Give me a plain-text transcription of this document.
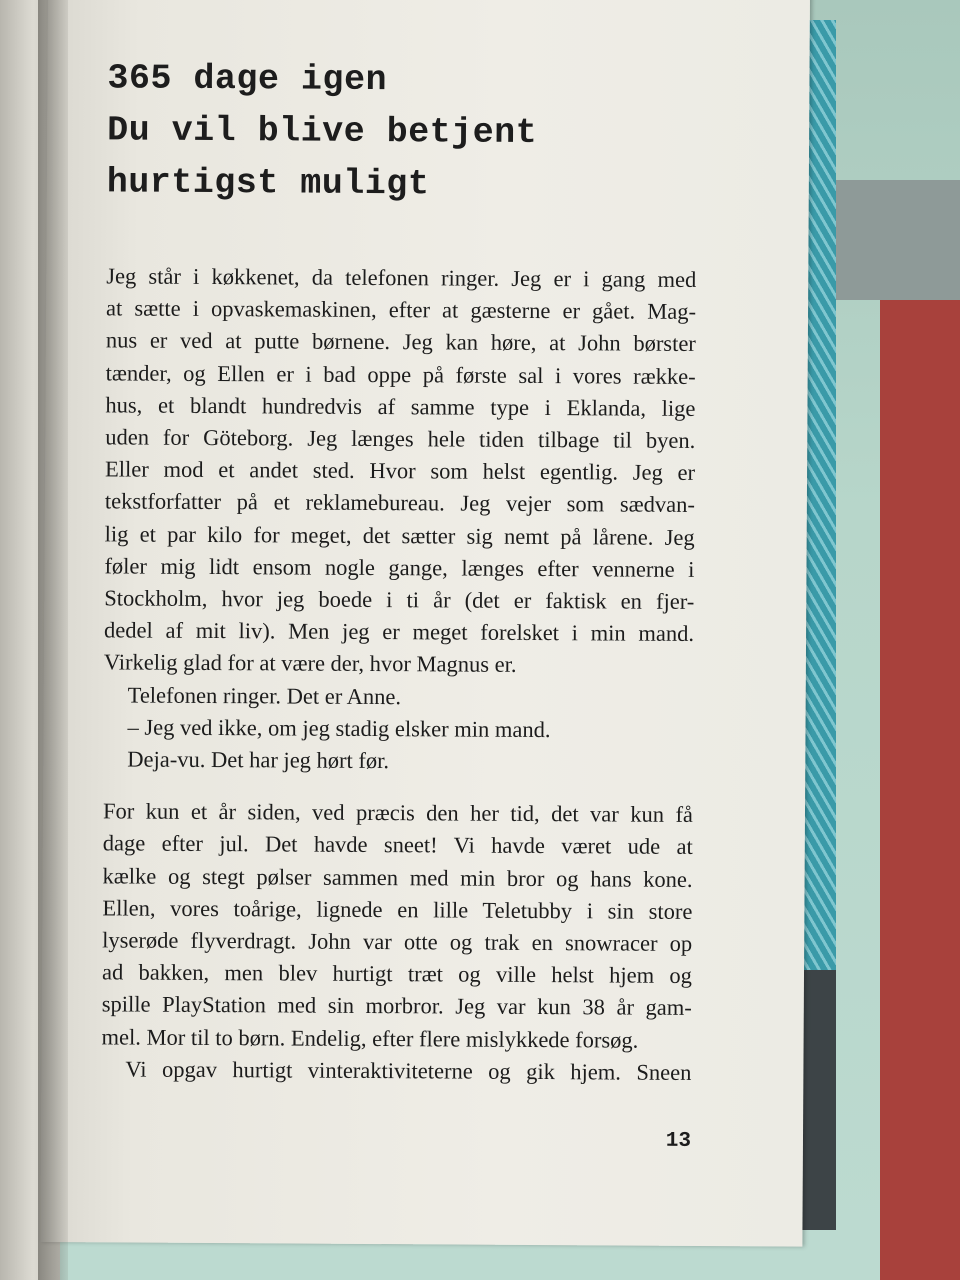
365 dage igen
Du vil blive betjent
hurtigst muligt
Jeg står i køkkenet, da telefonen ringer. Jeg er i gang med
at sætte i opvaskemaskinen, efter at gæsterne er gået. Mag-
nus er ved at putte børnene. Jeg kan høre, at John børster
tænder, og Ellen er i bad oppe på første sal i vores række-
hus, et blandt hundredvis af samme type i Eklanda, lige
uden for Göteborg. Jeg længes hele tiden tilbage til byen.
Eller mod et andet sted. Hvor som helst egentlig. Jeg er
tekstforfatter på et reklamebureau. Jeg vejer som sædvan-
lig et par kilo for meget, det sætter sig nemt på lårene. Jeg
føler mig lidt ensom nogle gange, længes efter vennerne i
Stockholm, hvor jeg boede i ti år (det er faktisk en fjer-
dedel af mit liv). Men jeg er meget forelsket i min mand.
Virkelig glad for at være der, hvor Magnus er.
Telefonen ringer. Det er Anne.
– Jeg ved ikke, om jeg stadig elsker min mand.
Deja-vu. Det har jeg hørt før.
For kun et år siden, ved præcis den her tid, det var kun få
dage efter jul. Det havde sneet! Vi havde været ude at
kælke og stegt pølser sammen med min bror og hans kone.
Ellen, vores toårige, lignede en lille Teletubby i sin store
lyserøde flyverdragt. John var otte og trak en snowracer op
ad bakken, men blev hurtigt træt og ville helst hjem og
spille PlayStation med sin morbror. Jeg var kun 38 år gam-
mel. Mor til to børn. Endelig, efter flere mislykkede forsøg.
Vi opgav hurtigt vinteraktiviteterne og gik hjem. Sneen
13
